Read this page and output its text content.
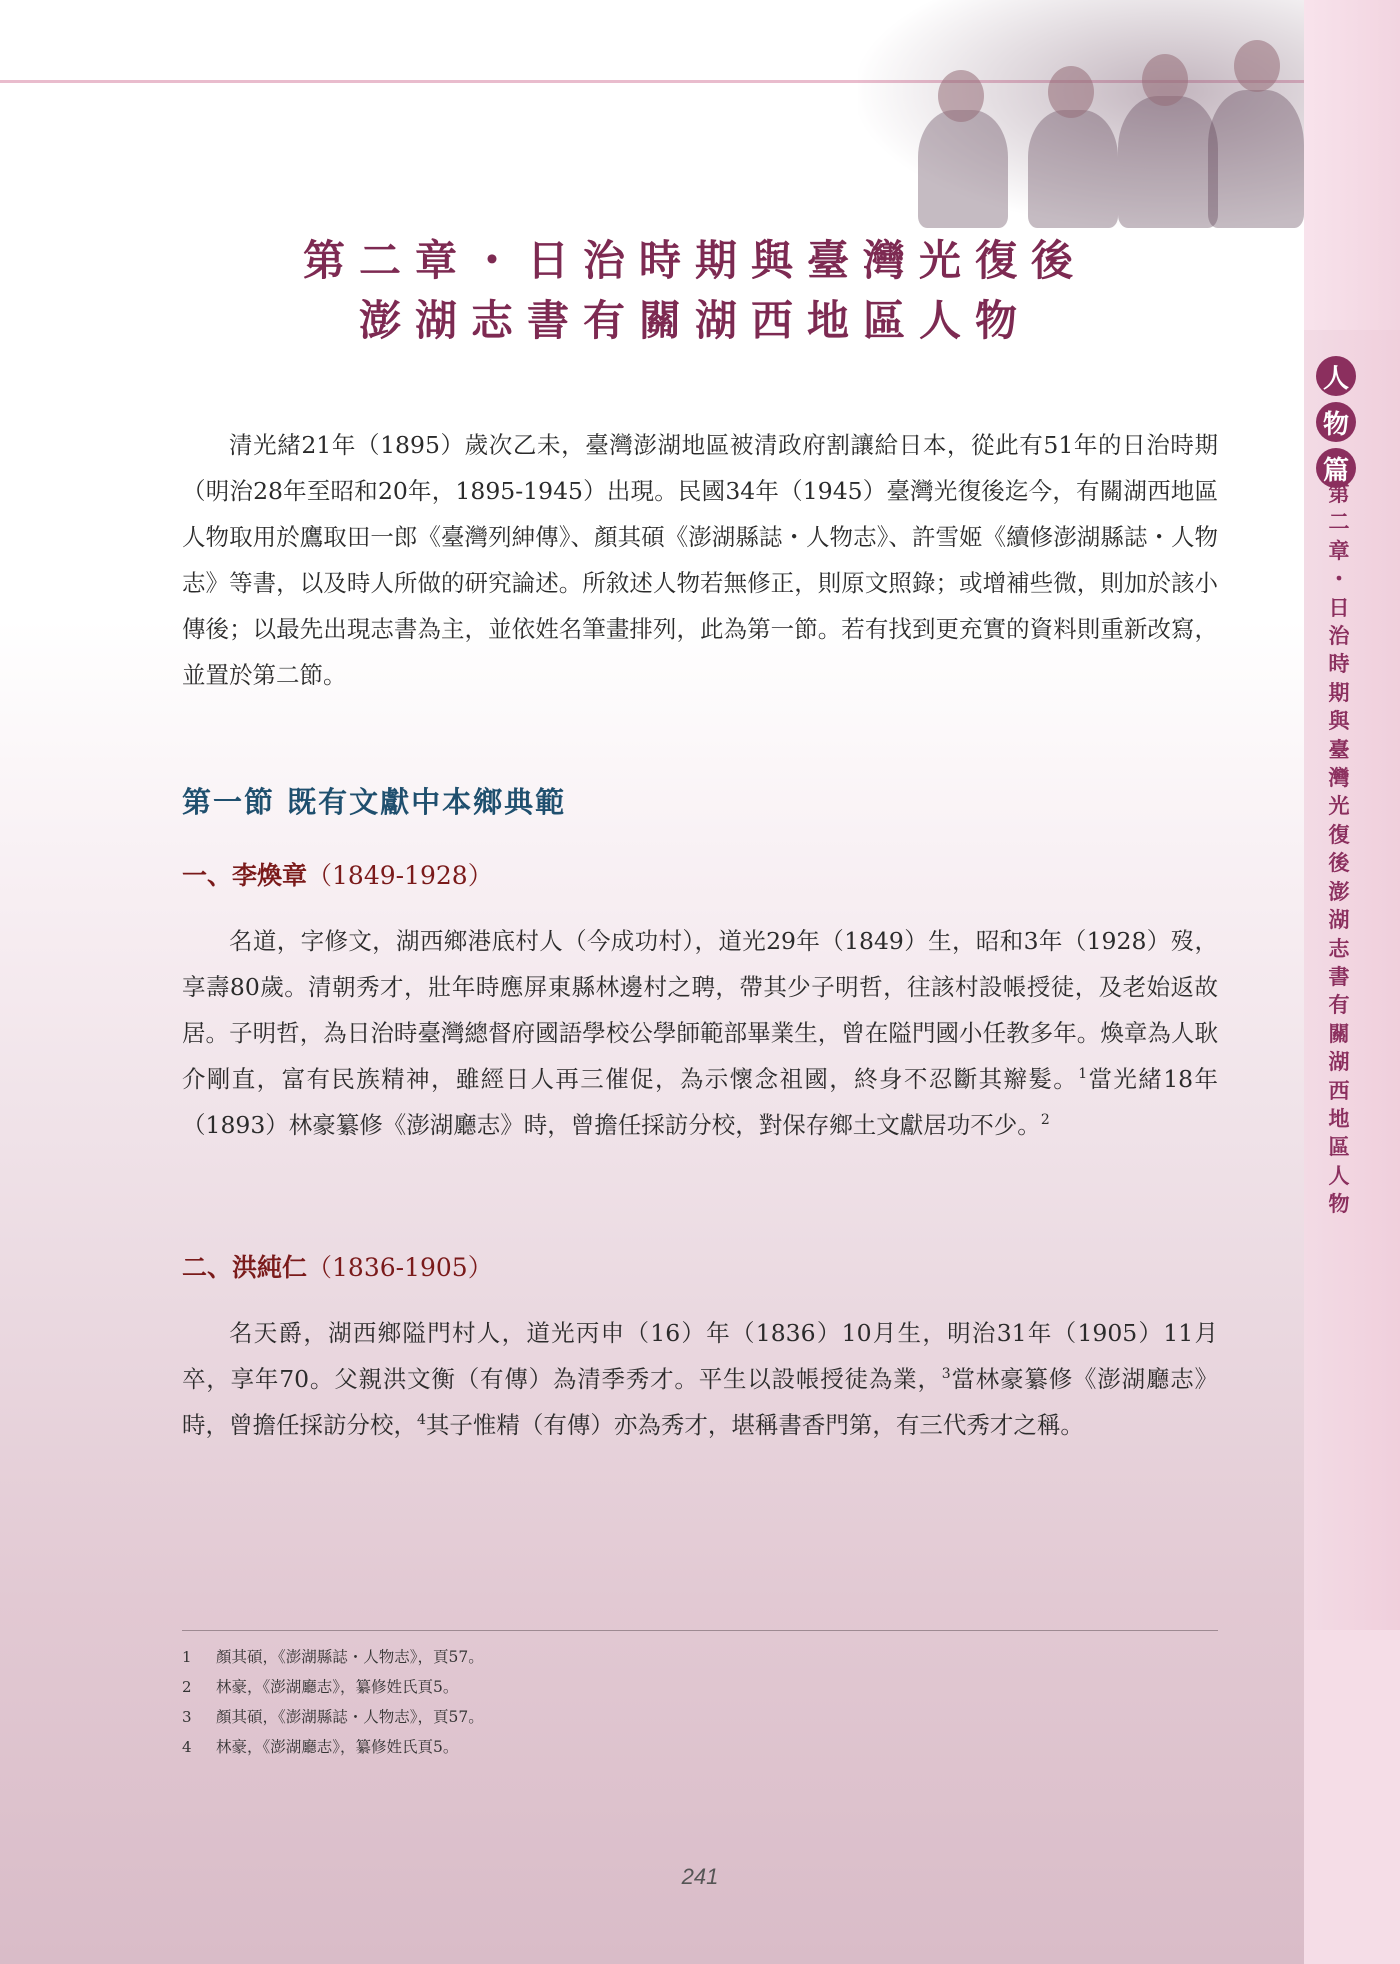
人
物
篇
第
二
章
・
日
治
時
期
與
臺
灣
光
復
後
澎
湖
志
書
有
關
湖
西
地
區
人
物
第二章・日治時期與臺灣光復後
澎湖志書有關湖西地區人物
清光緒21年（1895）歲次乙未，臺灣澎湖地區被清政府割讓給日本，從此有51年的日治時期（明治28年至昭和20年，1895-1945）出現。民國34年（1945）臺灣光復後迄今，有關湖西地區人物取用於鷹取田一郎《臺灣列紳傳》、顏其碩《澎湖縣誌・人物志》、許雪姬《續修澎湖縣誌・人物志》等書，以及時人所做的研究論述。所敘述人物若無修正，則原文照錄；或增補些微，則加於該小傳後；以最先出現志書為主，並依姓名筆畫排列，此為第一節。若有找到更充實的資料則重新改寫，並置於第二節。
第一節 既有文獻中本鄉典範
一、李煥章（1849-1928）
名道，字修文，湖西鄉港底村人（今成功村），道光29年（1849）生，昭和3年（1928）歿，享壽80歲。清朝秀才，壯年時應屏東縣林邊村之聘，帶其少子明哲，往該村設帳授徒，及老始返故居。子明哲，為日治時臺灣總督府國語學校公學師範部畢業生，曾在隘門國小任教多年。煥章為人耿介剛直，富有民族精神，雖經日人再三催促，為示懷念祖國，終身不忍斷其辮髮。$^1$當光緒18年（1893）林豪纂修《澎湖廳志》時，曾擔任採訪分校，對保存鄉土文獻居功不少。$^2$
二、洪純仁（1836-1905）
名天爵，湖西鄉隘門村人，道光丙申（16）年（1836）10月生，明治31年（1905）11月卒，享年70。父親洪文衡（有傳）為清季秀才。平生以設帳授徒為業，$^3$當林豪纂修《澎湖廳志》時，曾擔任採訪分校，$^4$其子惟精（有傳）亦為秀才，堪稱書香門第，有三代秀才之稱。
1 顏其碩，《澎湖縣誌・人物志》，頁57。
2 林豪，《澎湖廳志》，纂修姓氏頁5。
3 顏其碩，《澎湖縣誌・人物志》，頁57。
4 林豪，《澎湖廳志》，纂修姓氏頁5。
241
